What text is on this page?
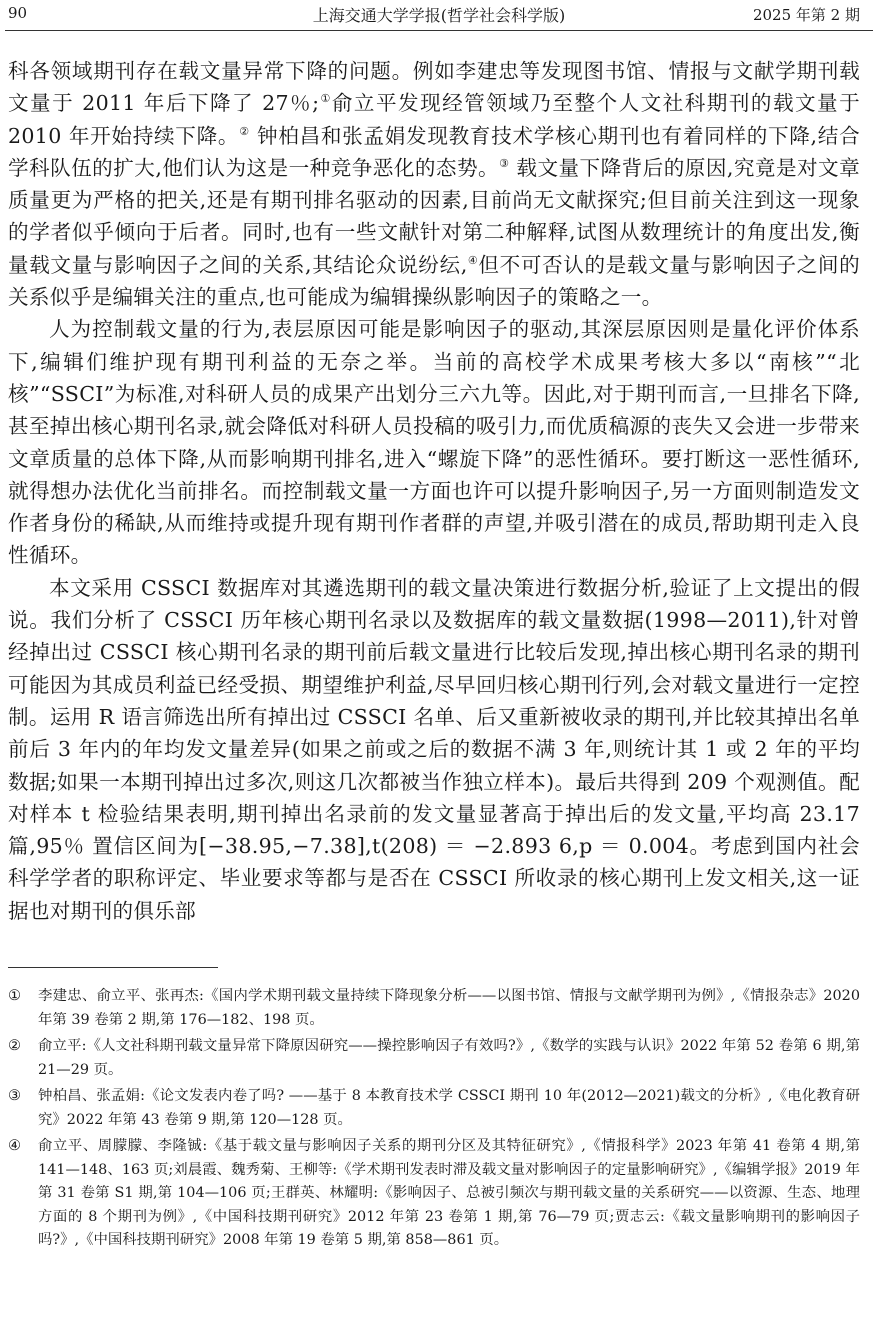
90	上海交通大学学报(哲学社会科学版)	2025 年第 2 期

科各领域期刊存在载文量异常下降的问题。例如李建忠等发现图书馆、情报与文献学期刊载文量于 2011 年后下降了 27％;①俞立平发现经管领域乃至整个人文社科期刊的载文量于 2010 年开始持续下降。② 钟柏昌和张孟娟发现教育技术学核心期刊也有着同样的下降,结合学科队伍的扩大,他们认为这是一种竞争恶化的态势。③ 载文量下降背后的原因,究竟是对文章质量更为严格的把关,还是有期刊排名驱动的因素,目前尚无文献探究;但目前关注到这一现象的学者似乎倾向于后者。同时,也有一些文献针对第二种解释,试图从数理统计的角度出发,衡量载文量与影响因子之间的关系,其结论众说纷纭,④但不可否认的是载文量与影响因子之间的关系似乎是编辑关注的重点,也可能成为编辑操纵影响因子的策略之一。

人为控制载文量的行为,表层原因可能是影响因子的驱动,其深层原因则是量化评价体系下,编辑们维护现有期刊利益的无奈之举。当前的高校学术成果考核大多以“南核”“北核”“SSCI”为标准,对科研人员的成果产出划分三六九等。因此,对于期刊而言,一旦排名下降,甚至掉出核心期刊名录,就会降低对科研人员投稿的吸引力,而优质稿源的丧失又会进一步带来文章质量的总体下降,从而影响期刊排名,进入“螺旋下降”的恶性循环。要打断这一恶性循环,就得想办法优化当前排名。而控制载文量一方面也许可以提升影响因子,另一方面则制造发文作者身份的稀缺,从而维持或提升现有期刊作者群的声望,并吸引潜在的成员,帮助期刊走入良性循环。

本文采用 CSSCI 数据库对其遴选期刊的载文量决策进行数据分析,验证了上文提出的假说。我们分析了 CSSCI 历年核心期刊名录以及数据库的载文量数据(1998—2011),针对曾经掉出过 CSSCI 核心期刊名录的期刊前后载文量进行比较后发现,掉出核心期刊名录的期刊可能因为其成员利益已经受损、期望维护利益,尽早回归核心期刊行列,会对载文量进行一定控制。运用 R 语言筛选出所有掉出过 CSSCI 名单、后又重新被收录的期刊,并比较其掉出名单前后 3 年内的年均发文量差异(如果之前或之后的数据不满 3 年,则统计其 1 或 2 年的平均数据;如果一本期刊掉出过多次,则这几次都被当作独立样本)。最后共得到 209 个观测值。配对样本 t 检验结果表明,期刊掉出名录前的发文量显著高于掉出后的发文量,平均高 23.17 篇,95％ 置信区间为[−38.95,−7.38],t(208) ＝ −2.893 6,p ＝ 0.004。考虑到国内社会科学学者的职称评定、毕业要求等都与是否在 CSSCI 所收录的核心期刊上发文相关,这一证据也对期刊的俱乐部

① 李建忠、俞立平、张再杰:《国内学术期刊载文量持续下降现象分析——以图书馆、情报与文献学期刊为例》,《情报杂志》2020 年第 39 卷第 2 期,第 176—182、198 页。
② 俞立平:《人文社科期刊载文量异常下降原因研究——操控影响因子有效吗?》,《数学的实践与认识》2022 年第 52 卷第 6 期,第 21—29 页。
③ 钟柏昌、张孟娟:《论文发表内卷了吗? ——基于 8 本教育技术学 CSSCI 期刊 10 年(2012—2021)载文的分析》,《电化教育研究》2022 年第 43 卷第 9 期,第 120—128 页。
④ 俞立平、周朦朦、李隆铖:《基于载文量与影响因子关系的期刊分区及其特征研究》,《情报科学》2023 年第 41 卷第 4 期,第 141—148、163 页;刘晨霞、魏秀菊、王柳等:《学术期刊发表时滞及载文量对影响因子的定量影响研究》,《编辑学报》2019 年第 31 卷第 S1 期,第 104—106 页;王群英、林耀明:《影响因子、总被引频次与期刊载文量的关系研究——以资源、生态、地理方面的 8 个期刊为例》,《中国科技期刊研究》2012 年第 23 卷第 1 期,第 76—79 页;贾志云:《载文量影响期刊的影响因子吗?》,《中国科技期刊研究》2008 年第 19 卷第 5 期,第 858—861 页。
